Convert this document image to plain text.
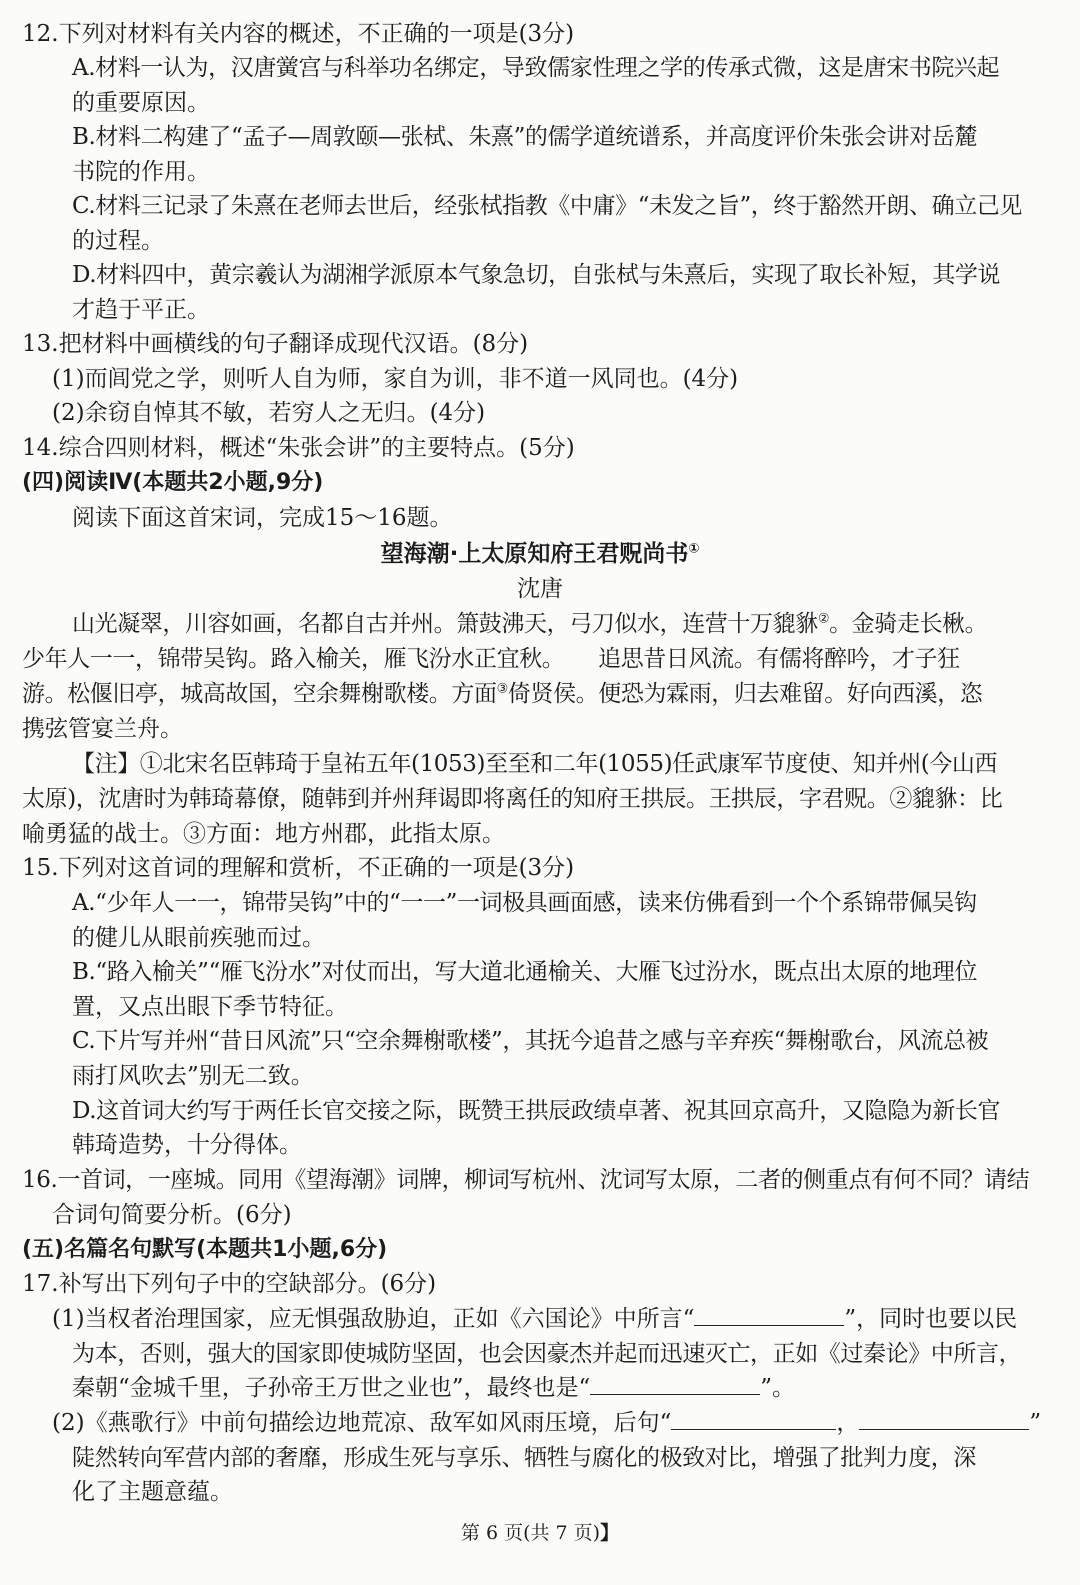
12.下列对材料有关内容的概述，不正确的一项是(3分)
A.材料一认为，汉唐黉宫与科举功名绑定，导致儒家性理之学的传承式微，这是唐宋书院兴起
的重要原因。
B.材料二构建了“孟子—周敦颐—张栻、朱熹”的儒学道统谱系，并高度评价朱张会讲对岳麓
书院的作用。
C.材料三记录了朱熹在老师去世后，经张栻指教《中庸》“未发之旨”，终于豁然开朗、确立己见
的过程。
D.材料四中，黄宗羲认为湖湘学派原本气象急切，自张栻与朱熹后，实现了取长补短，其学说
才趋于平正。
13.把材料中画横线的句子翻译成现代汉语。(8分)
(1)而闾党之学，则听人自为师，家自为训，非不道一风同也。(4分)
(2)余窃自悼其不敏，若穷人之无归。(4分)
14.综合四则材料，概述“朱张会讲”的主要特点。(5分)
(四)阅读Ⅳ(本题共2小题,9分)
阅读下面这首宋词，完成15～16题。
望海潮·上太原知府王君贶尚书①
沈唐
山光凝翠，川容如画，名都自古并州。箫鼓沸天，弓刀似水，连营十万貔貅②。金骑走长楸。
少年人一一，锦带吴钩。路入榆关，雁飞汾水正宜秋。　　追思昔日风流。有儒将醉吟，才子狂
游。松偃旧亭，城高故国，空余舞榭歌楼。方面③倚贤侯。便恐为霖雨，归去难留。好向西溪，恣
携弦管宴兰舟。
【注】①北宋名臣韩琦于皇祐五年(1053)至至和二年(1055)任武康军节度使、知并州(今山西
太原)，沈唐时为韩琦幕僚，随韩到并州拜谒即将离任的知府王拱辰。王拱辰，字君贶。②貔貅：比
喻勇猛的战士。③方面：地方州郡，此指太原。
15.下列对这首词的理解和赏析，不正确的一项是(3分)
A.“少年人一一，锦带吴钩”中的“一一”一词极具画面感，读来仿佛看到一个个系锦带佩吴钩
的健儿从眼前疾驰而过。
B.“路入榆关”“雁飞汾水”对仗而出，写大道北通榆关、大雁飞过汾水，既点出太原的地理位
置，又点出眼下季节特征。
C.下片写并州“昔日风流”只“空余舞榭歌楼”，其抚今追昔之感与辛弃疾“舞榭歌台，风流总被
雨打风吹去”别无二致。
D.这首词大约写于两任长官交接之际，既赞王拱辰政绩卓著、祝其回京高升，又隐隐为新长官
韩琦造势，十分得体。
16.一首词，一座城。同用《望海潮》词牌，柳词写杭州、沈词写太原，二者的侧重点有何不同？请结
合词句简要分析。(6分)
(五)名篇名句默写(本题共1小题,6分)
17.补写出下列句子中的空缺部分。(6分)
(1)当权者治理国家，应无惧强敌胁迫，正如《六国论》中所言“	”，同时也要以民
为本，否则，强大的国家即使城防坚固，也会因豪杰并起而迅速灭亡，正如《过秦论》中所言，
秦朝“金城千里，子孙帝王万世之业也”，最终也是“	”。
(2)《燕歌行》中前句描绘边地荒凉、敌军如风雨压境，后句“	，	”
陡然转向军营内部的奢靡，形成生死与享乐、牺牲与腐化的极致对比，增强了批判力度，深
化了主题意蕴。
第 6 页(共 7 页)】
